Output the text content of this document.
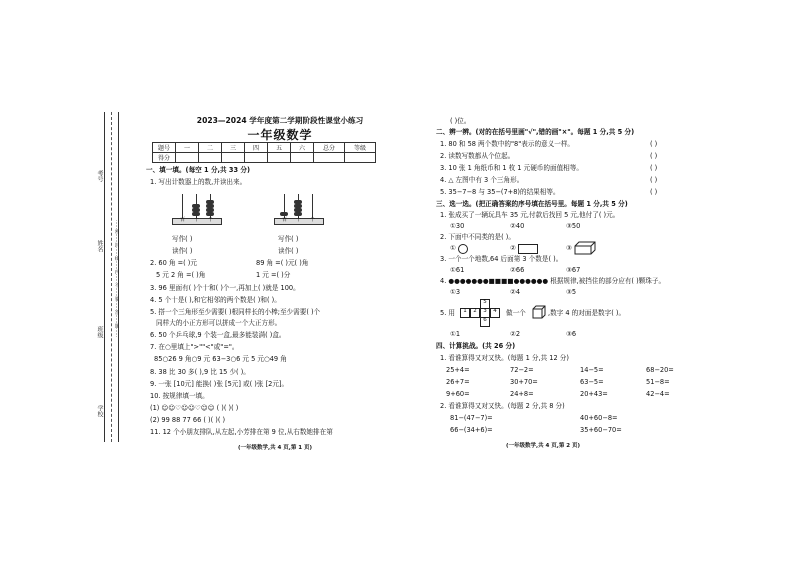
考号
姓名
班级
学校
……密……封……线……内……不……要……答……题……
2023—2024 学年度第二学期阶段性课堂小练习
一年级数学
题号	一	二	三	四	五	六	总分	等级
得分								
一、填一填。(每空 1 分,共 33 分)
1. 写出计数器上的数,并读出来。
百 十 个	百 十 个
写作( )	写作( )
读作( )	读作( )
2. 60 角 =( )元	89 角 =( )元( )角
5 元 2 角 =( )角	1 元 =( )分
3. 96 里面有( )个十和( )个一,再加上( )就是 100。
4. 5 个十是( ),和它相邻的两个数是( )和( )。
5. 搭一个三角形至少需要( )根同样长的小棒;至少需要( )个
同样大的小正方形可以拼成一个大正方形。
6. 50 个乒乓球,9 个装一盒,最多能装满( )盒。
7. 在○里填上">""<"或"="。
85○26 9 角○9 元 63−3○6 元 5 元○49 角
8. 38 比 30 多( ),9 比 15 少( )。
9. 一张 [10元] 能换( )张 [5元] 或( )张 [2元]。
10. 按规律填一填。
(1) ☺☺♡☺☺♡☺☺ ( )( )( )
(2) 99 88 77 66 ( )( )( )
11. 12 个小朋友排队,从左起,小芳排在第 9 位,从右数她排在第
(一年级数学,共 4 页,第 1 页)
( )位。
二、辨一辨。(对的在括号里画"√",错的画"×"。每题 1 分,共 5 分)
1. 80 和 58 两个数中的"8"表示的意义一样。	( )
2. 读数写数都从个位起。	( )
3. 10 张 1 角纸币和 1 枚 1 元硬币的面值相等。	( )
4. △ 左图中有 3 个三角形。	( )
5. 35−7−8 与 35−(7+8)的结果相等。	( )
三、选一选。(把正确答案的序号填在括号里。每题 1 分,共 5 分)
1. 张成买了一辆玩具车 35 元,付款后找回 5 元,他付了( )元。
①30	②40	③50
2. 下面中不同类的是( )。
①	②	③
3. 一个一个地数,64 后面第 3 个数是( )。
①61	②66	③67
4. ●●●●●●●■■■■●●●●●● 根据规律,被挡住的部分应有( )颗珠子。
①3	②4	③5
5. 用
5
1	2	3	4
6
做一个	,数字 4 的对面是数字( )。
①1	②2	③6
四、计算挑战。(共 26 分)
1. 看谁算得又对又快。(每题 1 分,共 12 分)
25+4=	72−2=	14−5=	68−20=
26+7=	30+70=	63−5=	51−8=
9+60=	24+8=	20+43=	42−4=
2. 看谁算得又对又快。(每题 2 分,共 8 分)
81−(47−7)=	40+60−8=
66−(34+6)=	35+60−70=
(一年级数学,共 4 页,第 2 页)
